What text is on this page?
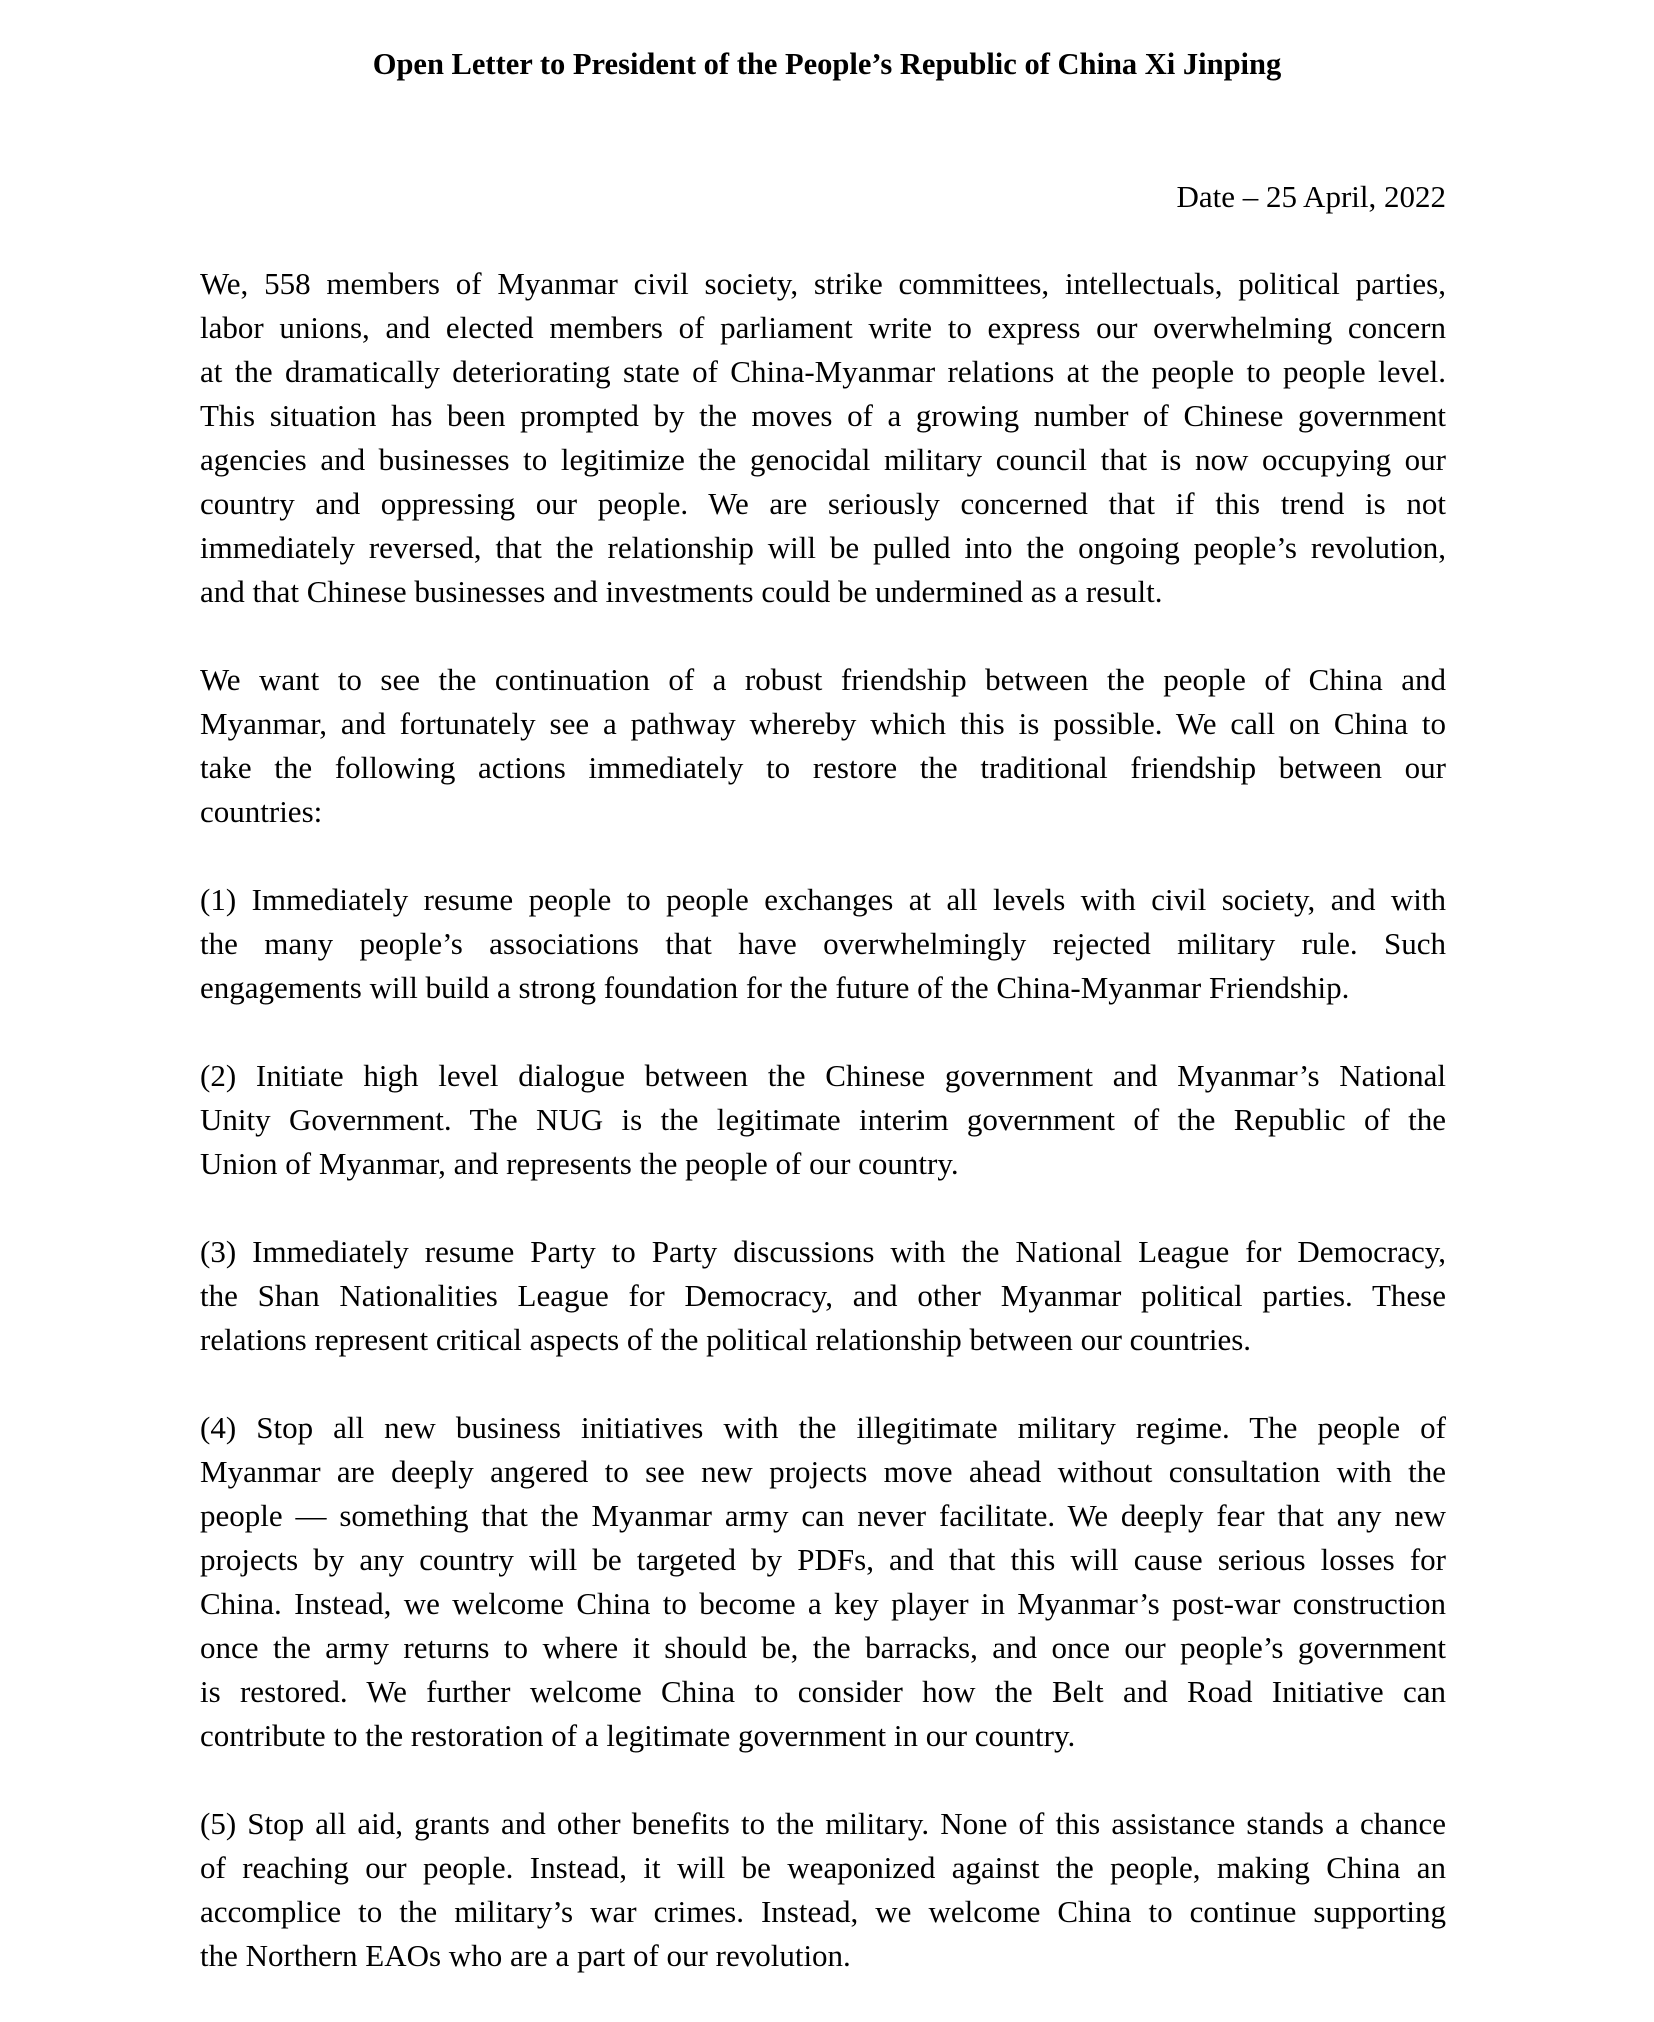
Open Letter to President of the People’s Republic of China Xi Jinping
Date – 25 April, 2022

We, 558 members of Myanmar civil society, strike committees, intellectuals, political parties,
labor unions, and elected members of parliament write to express our overwhelming concern
at the dramatically deteriorating state of China-Myanmar relations at the people to people level.
This situation has been prompted by the moves of a growing number of Chinese government
agencies and businesses to legitimize the genocidal military council that is now occupying our
country and oppressing our people. We are seriously concerned that if this trend is not
immediately reversed, that the relationship will be pulled into the ongoing people’s revolution,
and that Chinese businesses and investments could be undermined as a result.

We want to see the continuation of a robust friendship between the people of China and
Myanmar, and fortunately see a pathway whereby which this is possible. We call on China to
take the following actions immediately to restore the traditional friendship between our
countries:

(1) Immediately resume people to people exchanges at all levels with civil society, and with
the many people’s associations that have overwhelmingly rejected military rule. Such
engagements will build a strong foundation for the future of the China-Myanmar Friendship.

(2) Initiate high level dialogue between the Chinese government and Myanmar’s National
Unity Government. The NUG is the legitimate interim government of the Republic of the
Union of Myanmar, and represents the people of our country.

(3) Immediately resume Party to Party discussions with the National League for Democracy,
the Shan Nationalities League for Democracy, and other Myanmar political parties. These
relations represent critical aspects of the political relationship between our countries.

(4) Stop all new business initiatives with the illegitimate military regime. The people of
Myanmar are deeply angered to see new projects move ahead without consultation with the
people — something that the Myanmar army can never facilitate. We deeply fear that any new
projects by any country will be targeted by PDFs, and that this will cause serious losses for
China. Instead, we welcome China to become a key player in Myanmar’s post-war construction
once the army returns to where it should be, the barracks, and once our people’s government
is restored. We further welcome China to consider how the Belt and Road Initiative can
contribute to the restoration of a legitimate government in our country.

(5) Stop all aid, grants and other benefits to the military. None of this assistance stands a chance
of reaching our people. Instead, it will be weaponized against the people, making China an
accomplice to the military’s war crimes. Instead, we welcome China to continue supporting
the Northern EAOs who are a part of our revolution.
